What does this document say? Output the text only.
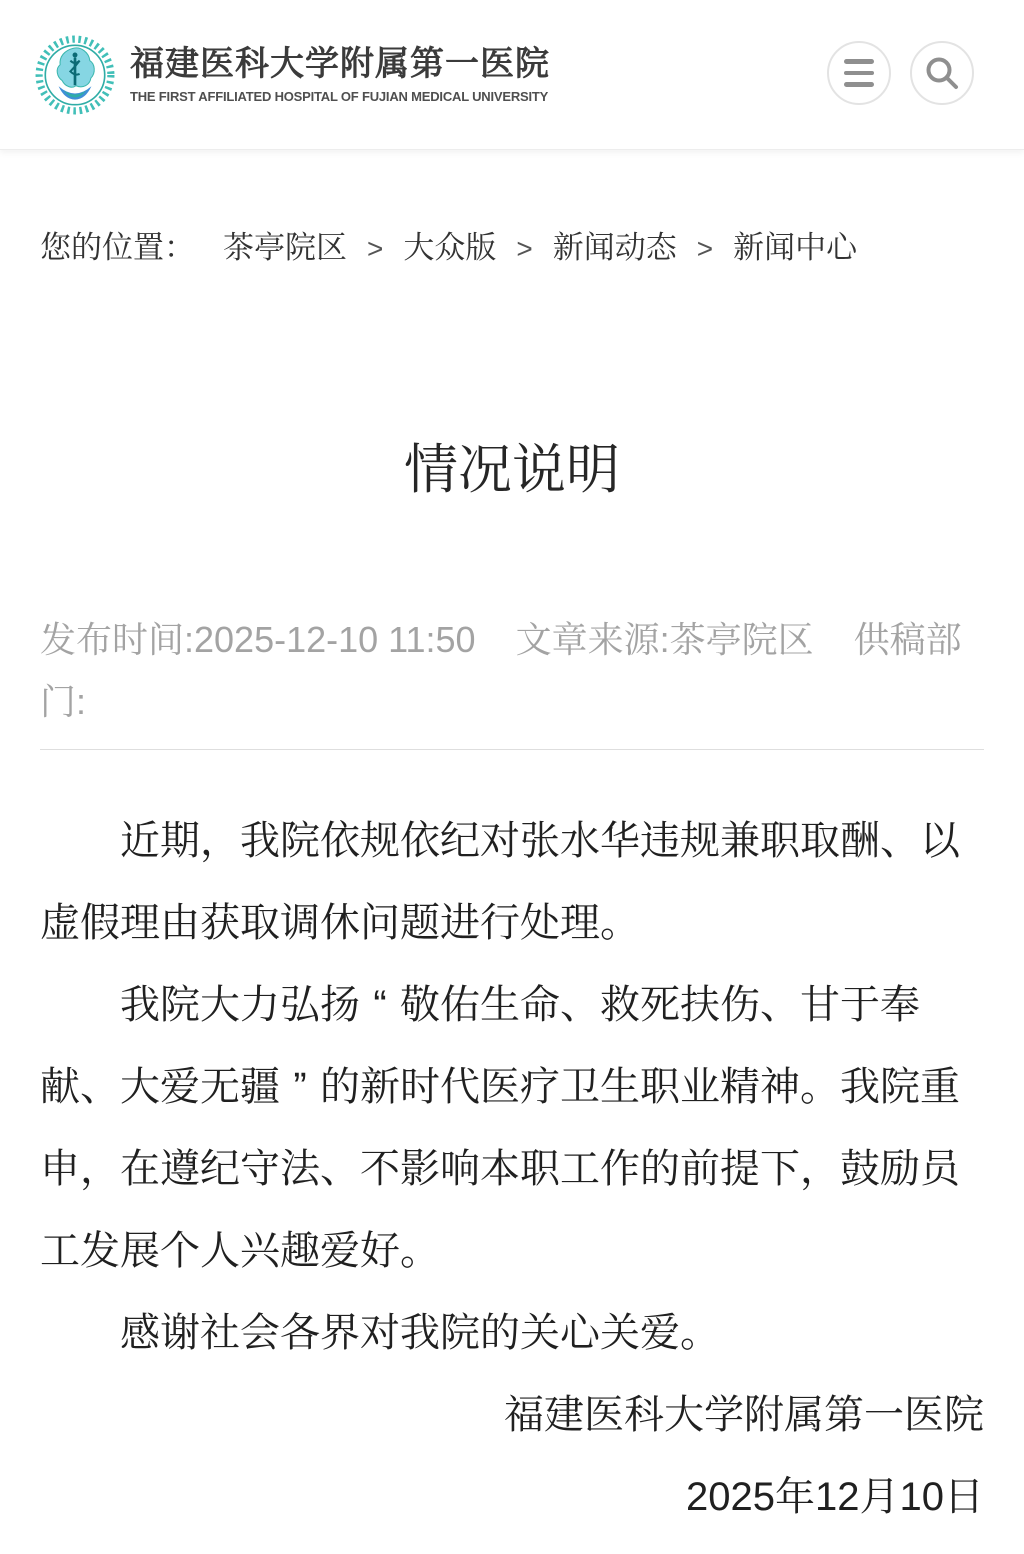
福建医科大学附属第一医院
THE FIRST AFFILIATED HOSPITAL OF FUJIAN MEDICAL UNIVERSITY
您的位置： 茶亭院区 > 大众版 > 新闻动态 > 新闻中心
情况说明
发布时间:2025-12-10 11:50 文章来源:茶亭院区 供稿部门:

近期，我院依规依纪对张水华违规兼职取酬、以虚假理由获取调休问题进行处理。

我院大力弘扬 “ 敬佑生命、救死扶伤、甘于奉献、大爱无疆 ” 的新时代医疗卫生职业精神。我院重申，在遵纪守法、不影响本职工作的前提下，鼓励员工发展个人兴趣爱好。

感谢社会各界对我院的关心关爱。

福建医科大学附属第一医院

2025年12月10日
